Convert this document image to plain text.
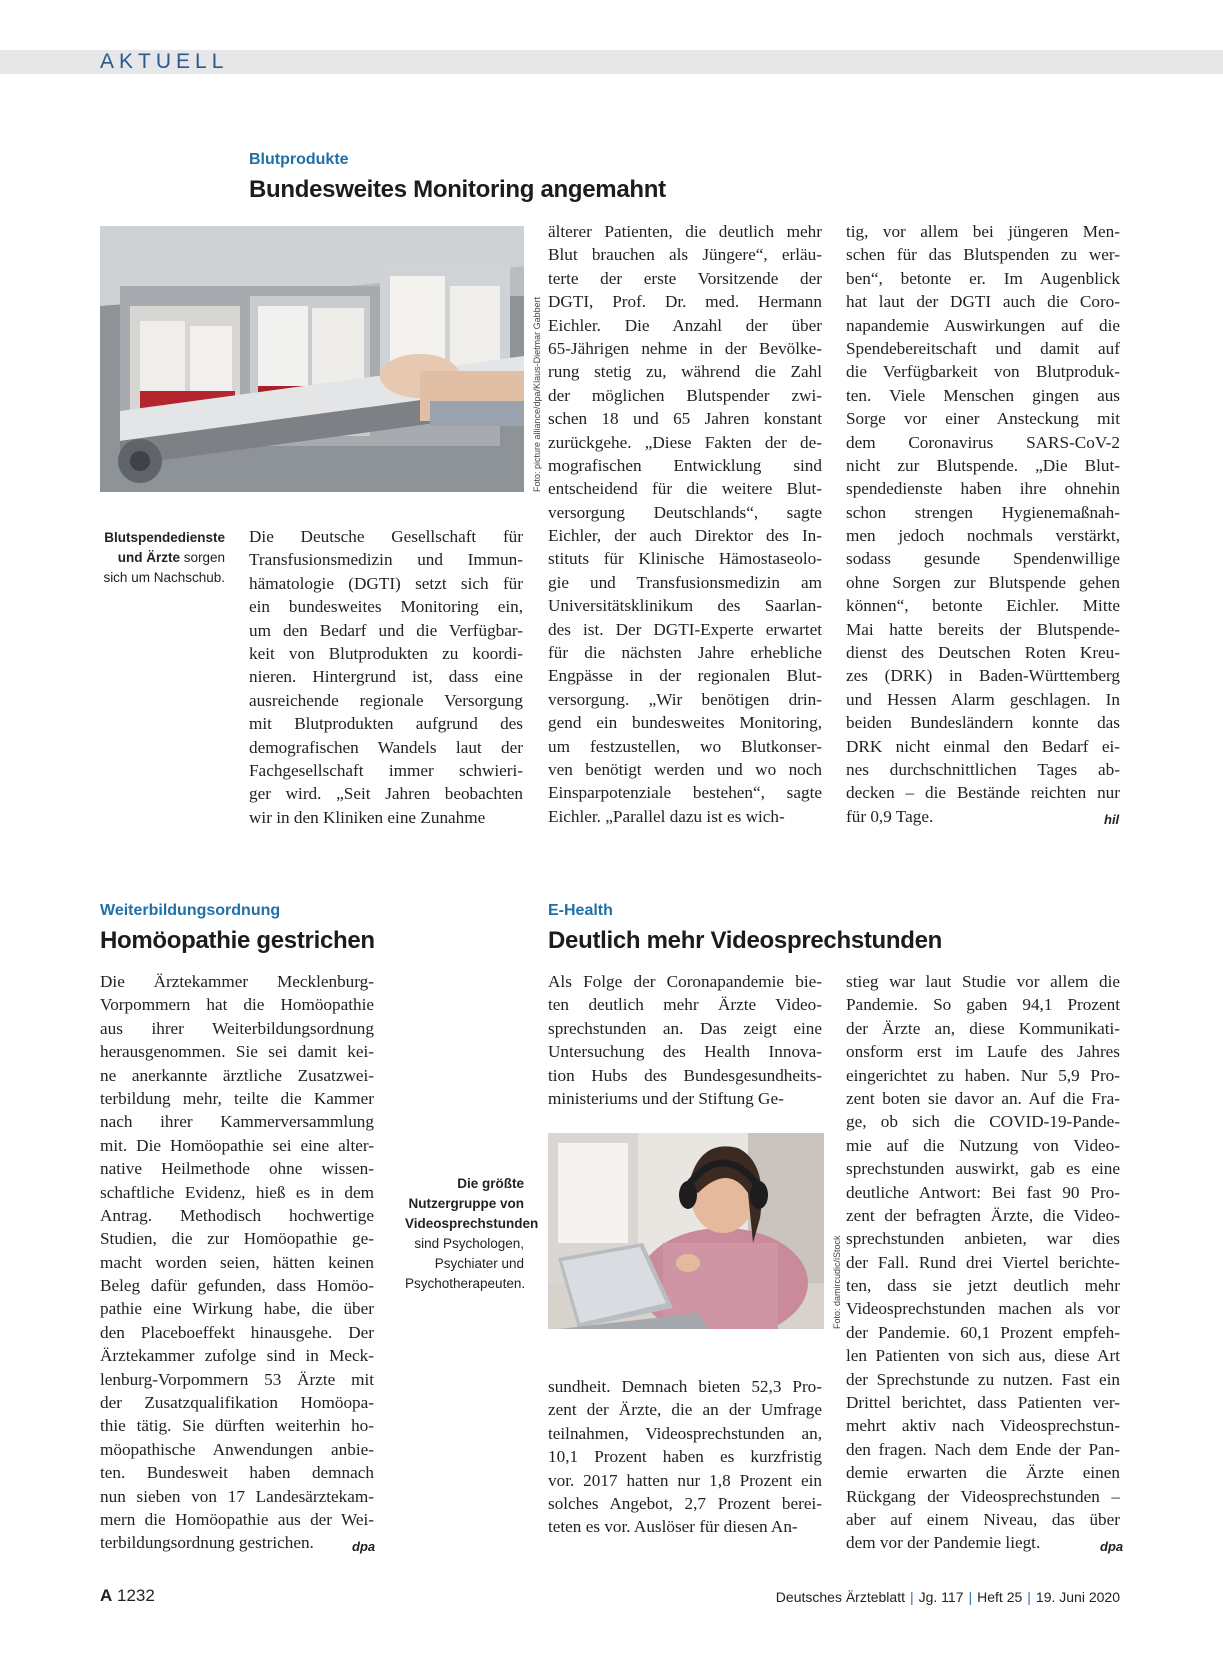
AKTUELL
Blutprodukte
Bundesweites Monitoring angemahnt
Foto: picture alliance/dpa/Klaus-Dietmar Gabbert
Blutspendedienste und Ärzte sorgen sich um Nachschub.
Die Deutsche Gesellschaft für
Transfusionsmedizin und Immun-
hämatologie (DGTI) setzt sich für
ein bundesweites Monitoring ein,
um den Bedarf und die Verfügbar-
keit von Blutprodukten zu koordi-
nieren. Hintergrund ist, dass eine
ausreichende regionale Versorgung
mit Blutprodukten aufgrund des
demografischen Wandels laut der
Fachgesellschaft immer schwieri-
ger wird. „Seit Jahren beobachten
wir in den Kliniken eine Zunahme
älterer Patienten, die deutlich mehr
Blut brauchen als Jüngere“, erläu-
terte der erste Vorsitzende der
DGTI, Prof. Dr. med. Hermann
Eichler. Die Anzahl der über
65-Jährigen nehme in der Bevölke-
rung stetig zu, während die Zahl
der möglichen Blutspender zwi-
schen 18 und 65 Jahren konstant
zurückgehe. „Diese Fakten der de-
mografischen Entwicklung sind
entscheidend für die weitere Blut-
versorgung Deutschlands“, sagte
Eichler, der auch Direktor des In-
stituts für Klinische Hämostaseolo-
gie und Transfusionsmedizin am
Universitätsklinikum des Saarlan-
des ist. Der DGTI-Experte erwartet
für die nächsten Jahre erhebliche
Engpässe in der regionalen Blut-
versorgung. „Wir benötigen drin-
gend ein bundesweites Monitoring,
um festzustellen, wo Blutkonser-
ven benötigt werden und wo noch
Einsparpotenziale bestehen“, sagte
Eichler. „Parallel dazu ist es wich-
tig, vor allem bei jüngeren Men-
schen für das Blutspenden zu wer-
ben“, betonte er. Im Augenblick
hat laut der DGTI auch die Coro-
napandemie Auswirkungen auf die
Spendebereitschaft und damit auf
die Verfügbarkeit von Blutproduk-
ten. Viele Menschen gingen aus
Sorge vor einer Ansteckung mit
dem Coronavirus SARS-CoV-2
nicht zur Blutspende. „Die Blut-
spendedienste haben ihre ohnehin
schon strengen Hygienemaßnah-
men jedoch nochmals verstärkt,
sodass gesunde Spendenwillige
ohne Sorgen zur Blutspende gehen
können“, betonte Eichler. Mitte
Mai hatte bereits der Blutspende-
dienst des Deutschen Roten Kreu-
zes (DRK) in Baden-Württemberg
und Hessen Alarm geschlagen. In
beiden Bundesländern konnte das
DRK nicht einmal den Bedarf ei-
nes durchschnittlichen Tages ab-
decken – die Bestände reichten nur
für 0,9 Tage.	hil
Weiterbildungsordnung
Homöopathie gestrichen
Die Ärztekammer Mecklenburg-
Vorpommern hat die Homöopathie
aus ihrer Weiterbildungsordnung
herausgenommen. Sie sei damit kei-
ne anerkannte ärztliche Zusatzwei-
terbildung mehr, teilte die Kammer
nach ihrer Kammerversammlung
mit. Die Homöopathie sei eine alter-
native Heilmethode ohne wissen-
schaftliche Evidenz, hieß es in dem
Antrag. Methodisch hochwertige
Studien, die zur Homöopathie ge-
macht worden seien, hätten keinen
Beleg dafür gefunden, dass Homöo-
pathie eine Wirkung habe, die über
den Placeboeffekt hinausgehe. Der
Ärztekammer zufolge sind in Meck-
lenburg-Vorpommern 53 Ärzte mit
der Zusatzqualifikation Homöopa-
thie tätig. Sie dürften weiterhin ho-
möopathische Anwendungen anbie-
ten. Bundesweit haben demnach
nun sieben von 17 Landesärztekam-
mern die Homöopathie aus der Wei-
terbildungsordnung gestrichen.	dpa
E-Health
Deutlich mehr Videosprechstunden
Als Folge der Coronapandemie bie-
ten deutlich mehr Ärzte Video-
sprechstunden an. Das zeigt eine
Untersuchung des Health Innova-
tion Hubs des Bundesgesundheits-
ministeriums und der Stiftung Ge-
Foto: damircudic/iStock
Die größte Nutzergruppe von Videosprechstunden sind Psychologen, Psychiater und Psychotherapeuten.
sundheit. Demnach bieten 52,3 Pro-
zent der Ärzte, die an der Umfrage
teilnahmen, Videosprechstunden an,
10,1 Prozent haben es kurzfristig
vor. 2017 hatten nur 1,8 Prozent ein
solches Angebot, 2,7 Prozent berei-
teten es vor. Auslöser für diesen An-
stieg war laut Studie vor allem die
Pandemie. So gaben 94,1 Prozent
der Ärzte an, diese Kommunikati-
onsform erst im Laufe des Jahres
eingerichtet zu haben. Nur 5,9 Pro-
zent boten sie davor an. Auf die Fra-
ge, ob sich die COVID-19-Pande-
mie auf die Nutzung von Video-
sprechstunden auswirkt, gab es eine
deutliche Antwort: Bei fast 90 Pro-
zent der befragten Ärzte, die Video-
sprechstunden anbieten, war dies
der Fall. Rund drei Viertel berichte-
ten, dass sie jetzt deutlich mehr
Videosprechstunden machen als vor
der Pandemie. 60,1 Prozent empfeh-
len Patienten von sich aus, diese Art
der Sprechstunde zu nutzen. Fast ein
Drittel berichtet, dass Patienten ver-
mehrt aktiv nach Videosprechstun-
den fragen. Nach dem Ende der Pan-
demie erwarten die Ärzte einen
Rückgang der Videosprechstunden –
aber auf einem Niveau, das über
dem vor der Pandemie liegt.	dpa
A 1232	Deutsches Ärzteblatt | Jg. 117 | Heft 25 | 19. Juni 2020
